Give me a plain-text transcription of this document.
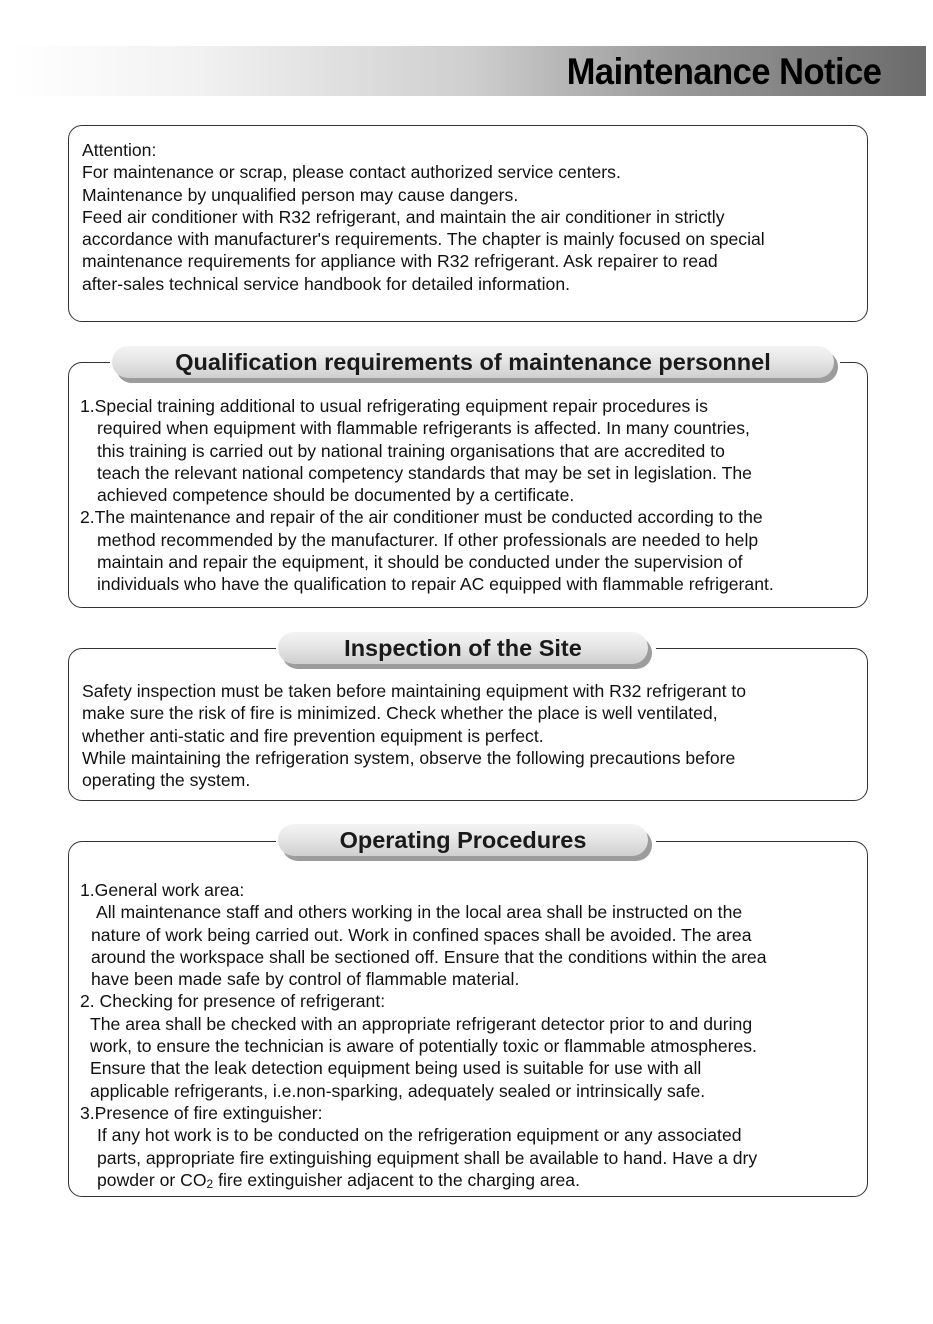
Maintenance Notice
Attention:
For maintenance or scrap, please contact authorized service centers.
Maintenance by unqualified person may cause dangers.
Feed air conditioner with R32 refrigerant, and maintain the air conditioner in strictly
accordance with manufacturer's requirements. The chapter is mainly focused on special
maintenance requirements for appliance with R32 refrigerant. Ask repairer to read
after-sales technical service handbook for detailed information.
1.Special training additional to usual refrigerating equipment repair procedures is
required when equipment with flammable refrigerants is affected. In many countries,
this training is carried out by national training organisations that are accredited to
teach the relevant national competency standards that may be set in legislation. The
achieved competence should be documented by a certificate.
2.The maintenance and repair of the air conditioner must be conducted according to the
method recommended by the manufacturer. If other professionals are needed to help
maintain and repair the equipment, it should be conducted under the supervision of
individuals who have the qualification to repair AC equipped with flammable refrigerant.
Qualification requirements of maintenance personnel
Safety inspection must be taken before maintaining equipment with R32 refrigerant to
make sure the risk of fire is minimized. Check whether the place is well ventilated,
whether anti-static and fire prevention equipment is perfect.
While maintaining the refrigeration system, observe the following precautions before
operating the system.
Inspection of the Site
1.General work area:
All maintenance staff and others working in the local area shall be instructed on the
nature of work being carried out. Work in confined spaces shall be avoided. The area
around the workspace shall be sectioned off. Ensure that the conditions within the area
have been made safe by control of flammable material.
2. Checking for presence of refrigerant:
The area shall be checked with an appropriate refrigerant detector prior to and during
work, to ensure the technician is aware of potentially toxic or flammable atmospheres.
Ensure that the leak detection equipment being used is suitable for use with all
applicable refrigerants, i.e.non-sparking, adequately sealed or intrinsically safe.
3.Presence of fire extinguisher:
If any hot work is to be conducted on the refrigeration equipment or any associated
parts, appropriate fire extinguishing equipment shall be available to hand. Have a dry
powder or $CO_2$ fire extinguisher adjacent to the charging area.
Operating Procedures
